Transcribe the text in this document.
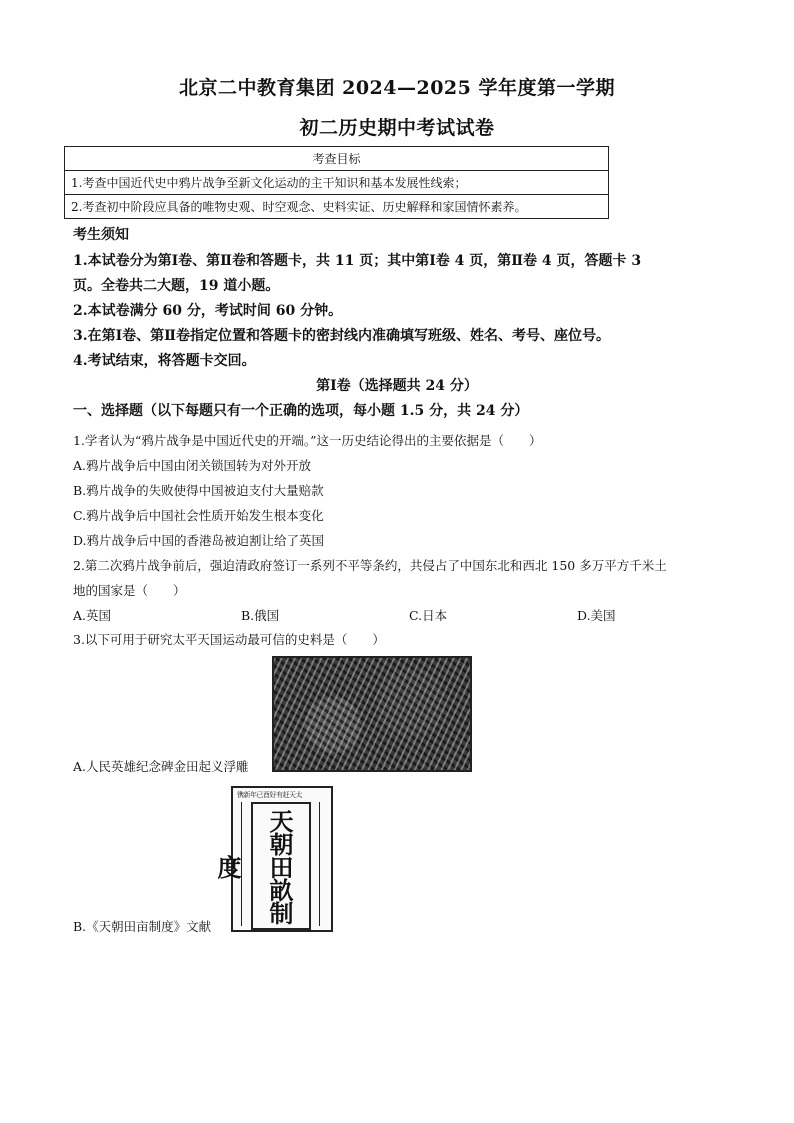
北京二中教育集团 2024—2025 学年度第一学期
初二历史期中考试试卷
考查目标
1.考查中国近代史中鸦片战争至新文化运动的主干知识和基本发展性线索；
2.考查初中阶段应具备的唯物史观、时空观念、史料实证、历史解释和家国情怀素养。
考生须知
1.本试卷分为第Ⅰ卷、第Ⅱ卷和答题卡，共 11 页；其中第Ⅰ卷 4 页，第Ⅱ卷 4 页，答题卡 3
页。全卷共二大题，19 道小题。
2.本试卷满分 60 分，考试时间 60 分钟。
3.在第Ⅰ卷、第Ⅱ卷指定位置和答题卡的密封线内准确填写班级、姓名、考号、座位号。
4.考试结束，将答题卡交回。
第Ⅰ卷（选择题共 24 分）
一、选择题（以下每题只有一个正确的选项，每小题 1.5 分，共 24 分）
1.学者认为“鸦片战争是中国近代史的开端。”这一历史结论得出的主要依据是（　　）
A.鸦片战争后中国由闭关锁国转为对外开放
B.鸦片战争的失败使得中国被迫支付大量赔款
C.鸦片战争后中国社会性质开始发生根本变化
D.鸦片战争后中国的香港岛被迫割让给了英国
2.第二次鸦片战争前后，强迫清政府签订一系列不平等条约，共侵占了中国东北和西北 150 多万平方千米土
地的国家是（　　）
A.英国	B.俄国	C.日本	D.美国
3.以下可用于研究太平天国运动最可信的史料是（　　）
A.人民英雄纪念碑金田起义浮雕
镌新年已酉好有赶天太
天朝田畝制度
B.《天朝田亩制度》文献
